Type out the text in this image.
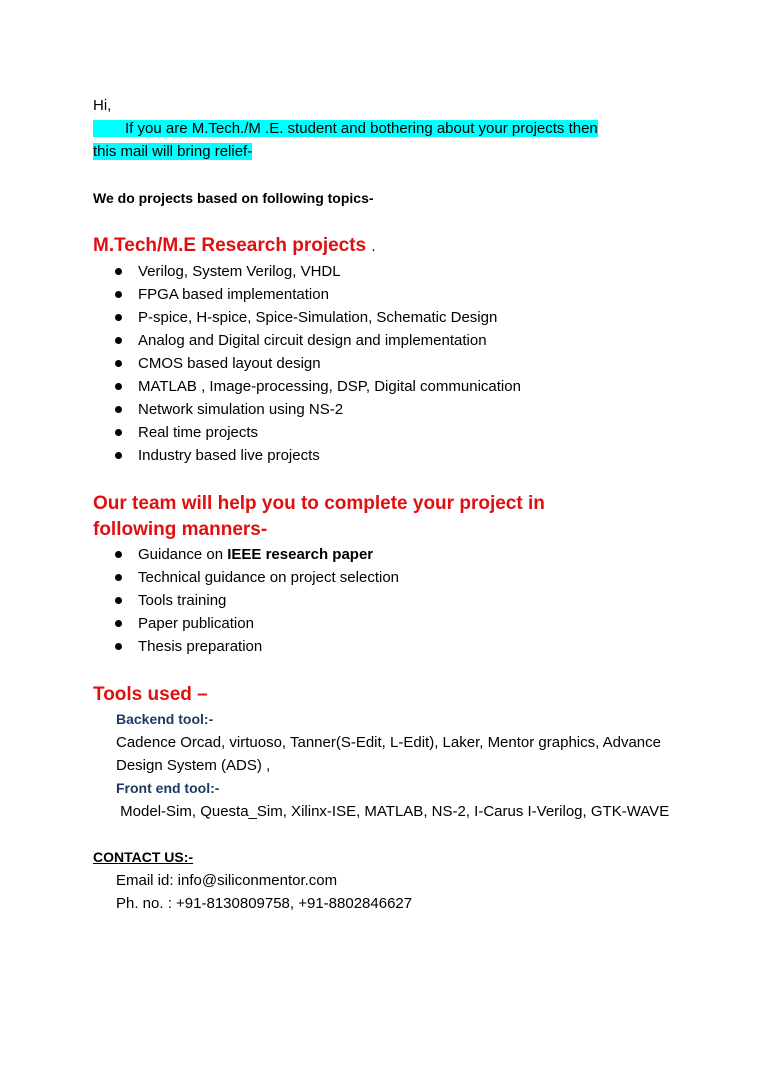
Hi,

If you are M.Tech./M .E. student and bothering about your projects then
this mail will bring relief-

We do projects based on following topics-
M.Tech/M.E Research projects .
Verilog, System Verilog, VHDL
FPGA based implementation
P-spice, H-spice, Spice-Simulation, Schematic Design
Analog and Digital circuit design and implementation
CMOS based layout design
MATLAB , Image-processing, DSP, Digital communication
Network simulation using NS-2
Real time projects
Industry based live projects
Our team will help you to complete your project in following manners-
Guidance on IEEE research paper
Technical guidance on project selection
Tools training
Paper publication
Thesis preparation
Tools used –
Backend tool:-
Cadence Orcad, virtuoso, Tanner(S-Edit, L-Edit), Laker, Mentor graphics, Advance Design System (ADS) ,
Front end tool:-
Model-Sim, Questa_Sim, Xilinx-ISE, MATLAB, NS-2, I-Carus I-Verilog, GTK-WAVE
CONTACT US:-
Email id: info@siliconmentor.com
Ph. no. : +91-8130809758, +91-8802846627
